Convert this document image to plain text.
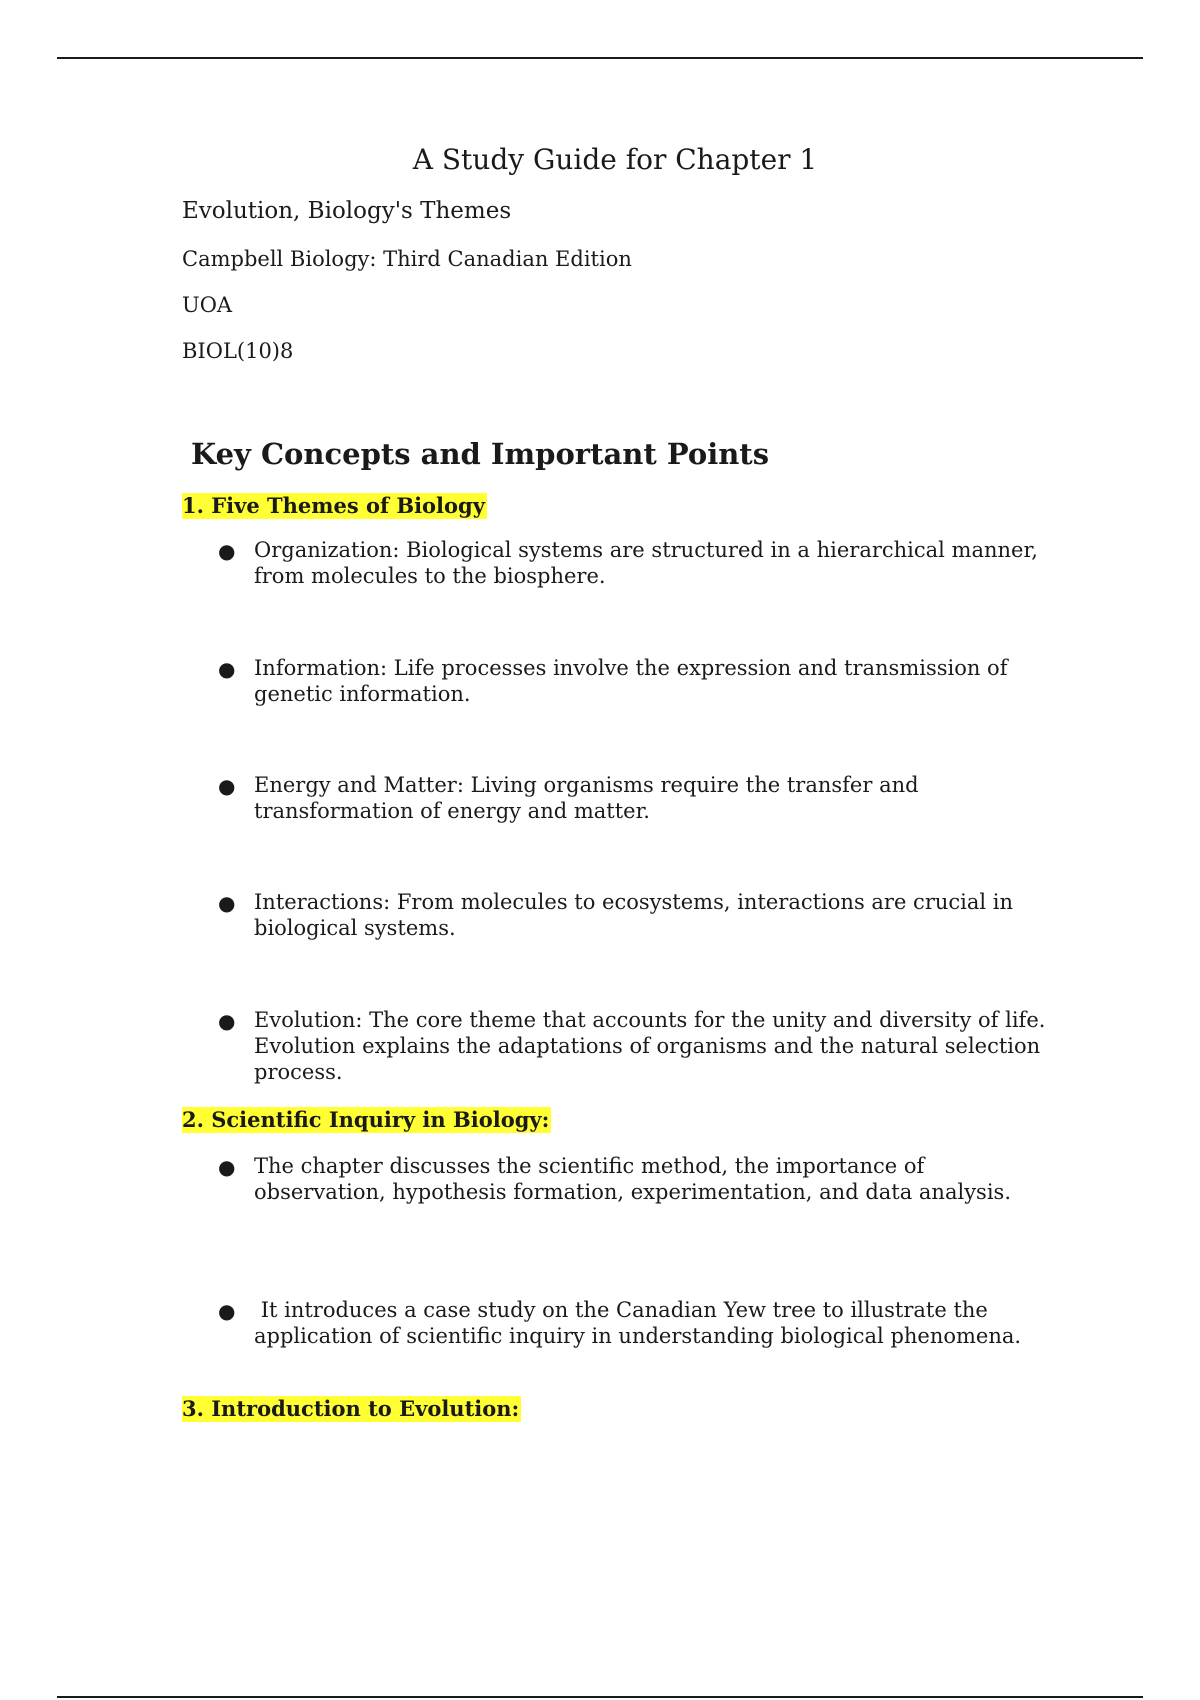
A Study Guide for Chapter 1

Evolution, Biology's Themes

Campbell Biology: Third Canadian Edition

UOA

BIOL(10)8

Key Concepts and Important Points
1. Five Themes of Biology
● Organization: Biological systems are structured in a hierarchical manner, from molecules to the biosphere.

● Information: Life processes involve the expression and transmission of genetic information.

● Energy and Matter: Living organisms require the transfer and transformation of energy and matter.

● Interactions: From molecules to ecosystems, interactions are crucial in biological systems.

● Evolution: The core theme that accounts for the unity and diversity of life. Evolution explains the adaptations of organisms and the natural selection process.

2. Scientific Inquiry in Biology:
● The chapter discusses the scientific method, the importance of observation, hypothesis formation, experimentation, and data analysis.

● It introduces a case study on the Canadian Yew tree to illustrate the application of scientific inquiry in understanding biological phenomena.

3. Introduction to Evolution:
